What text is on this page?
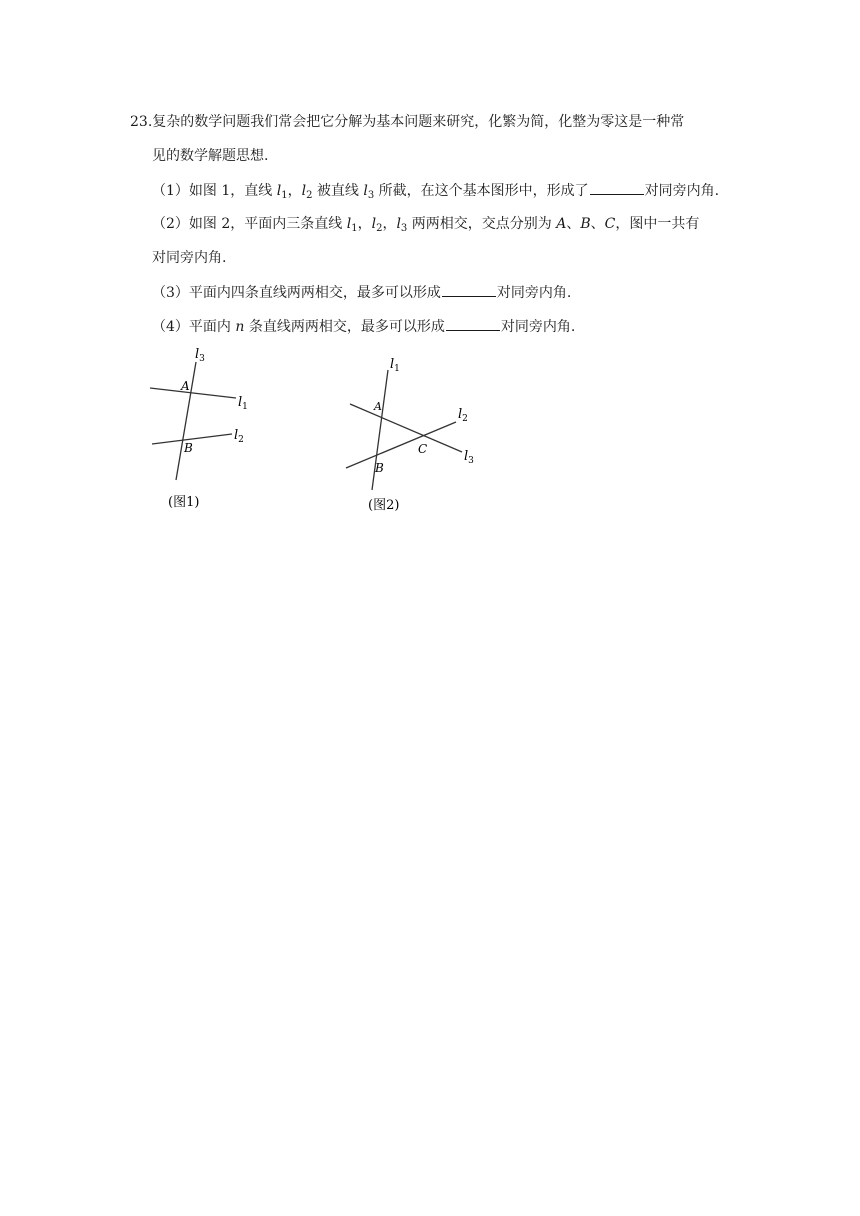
23.复杂的数学问题我们常会把它分解为基本问题来研究，化繁为简，化整为零这是一种常
见的数学解题思想.
（1）如图 1，直线 $l_1$，$l_2$ 被直线 $l_3$ 所截，在这个基本图形中，形成了	对同旁内角.
（2）如图 2，平面内三条直线 $l_1$，$l_2$，$l_3$ 两两相交，交点分别为 A、B、C，图中一共有
对同旁内角.
（3）平面内四条直线两两相交，最多可以形成	对同旁内角.
（4）平面内 n 条直线两两相交，最多可以形成	对同旁内角.
$l_3$
$l_1$
$l_2$
A
B
(图1)
$l_1$
$l_2$
$l_3$
A
B
C
(图2)
